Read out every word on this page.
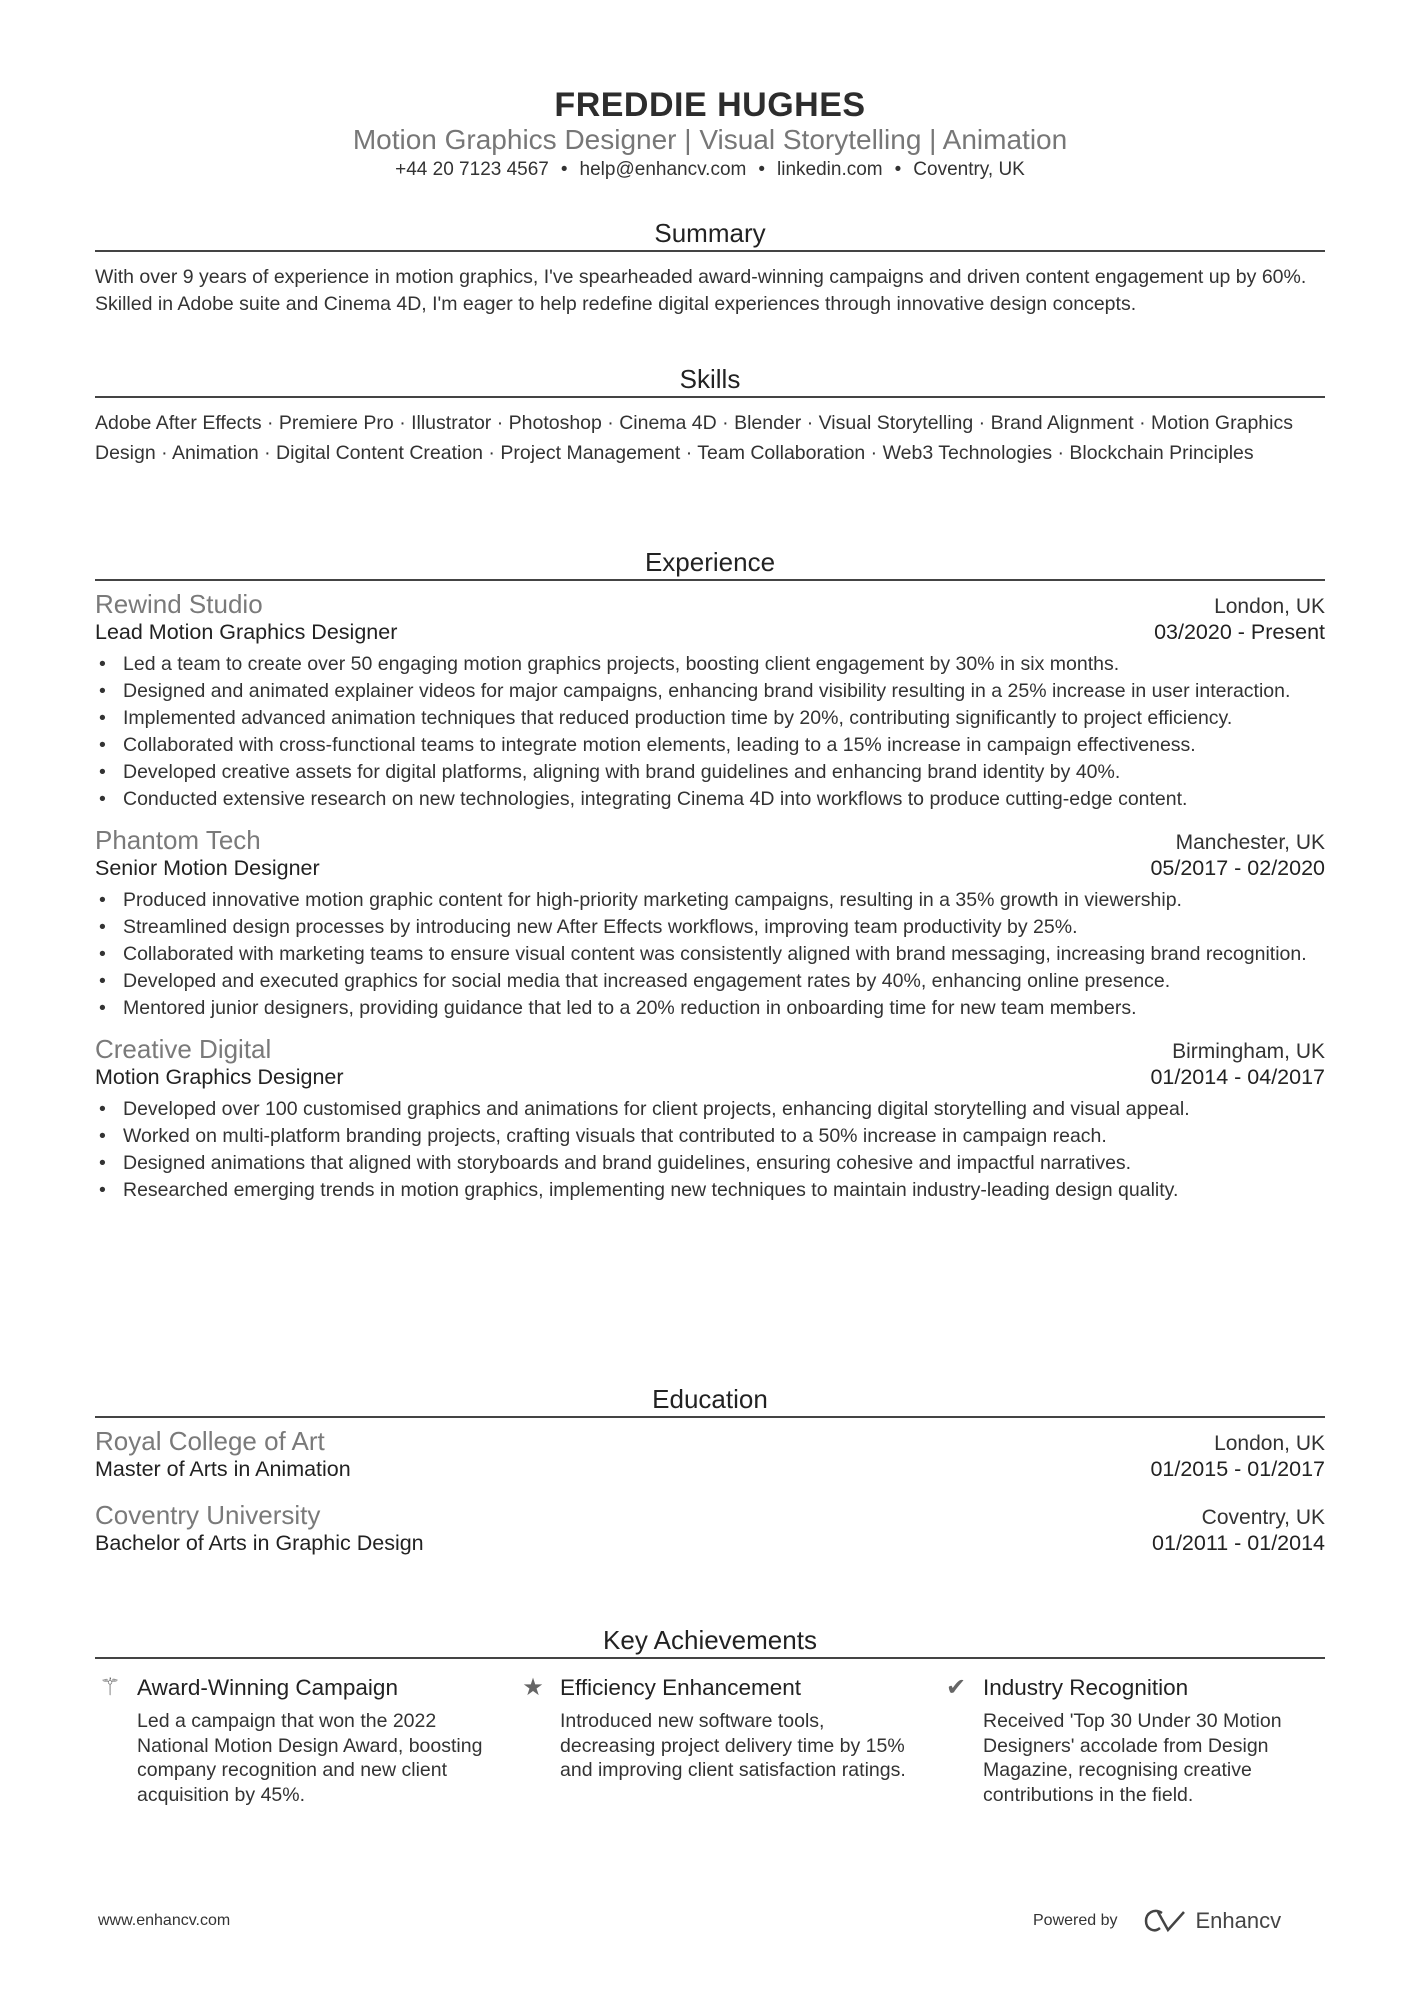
FREDDIE HUGHES
Motion Graphics Designer | Visual Storytelling | Animation
+44 20 7123 4567 • help@enhancv.com • linkedin.com • Coventry, UK
Summary
With over 9 years of experience in motion graphics, I've spearheaded award-winning campaigns and driven content engagement up by 60%. Skilled in Adobe suite and Cinema 4D, I'm eager to help redefine digital experiences through innovative design concepts.
Skills
Adobe After Effects · Premiere Pro · Illustrator · Photoshop · Cinema 4D · Blender · Visual Storytelling · Brand Alignment · Motion Graphics Design · Animation · Digital Content Creation · Project Management · Team Collaboration · Web3 Technologies · Blockchain Principles
Experience
Rewind Studio	London, UK
Lead Motion Graphics Designer	03/2020 - Present
• Led a team to create over 50 engaging motion graphics projects, boosting client engagement by 30% in six months.
• Designed and animated explainer videos for major campaigns, enhancing brand visibility resulting in a 25% increase in user interaction.
• Implemented advanced animation techniques that reduced production time by 20%, contributing significantly to project efficiency.
• Collaborated with cross-functional teams to integrate motion elements, leading to a 15% increase in campaign effectiveness.
• Developed creative assets for digital platforms, aligning with brand guidelines and enhancing brand identity by 40%.
• Conducted extensive research on new technologies, integrating Cinema 4D into workflows to produce cutting-edge content.
Phantom Tech	Manchester, UK
Senior Motion Designer	05/2017 - 02/2020
• Produced innovative motion graphic content for high-priority marketing campaigns, resulting in a 35% growth in viewership.
• Streamlined design processes by introducing new After Effects workflows, improving team productivity by 25%.
• Collaborated with marketing teams to ensure visual content was consistently aligned with brand messaging, increasing brand recognition.
• Developed and executed graphics for social media that increased engagement rates by 40%, enhancing online presence.
• Mentored junior designers, providing guidance that led to a 20% reduction in onboarding time for new team members.
Creative Digital	Birmingham, UK
Motion Graphics Designer	01/2014 - 04/2017
• Developed over 100 customised graphics and animations for client projects, enhancing digital storytelling and visual appeal.
• Worked on multi-platform branding projects, crafting visuals that contributed to a 50% increase in campaign reach.
• Designed animations that aligned with storyboards and brand guidelines, ensuring cohesive and impactful narratives.
• Researched emerging trends in motion graphics, implementing new techniques to maintain industry-leading design quality.
Education
Royal College of Art	London, UK
Master of Arts in Animation	01/2015 - 01/2017
Coventry University	Coventry, UK
Bachelor of Arts in Graphic Design	01/2011 - 01/2014
Key Achievements
⚚ Award-Winning Campaign
Led a campaign that won the 2022 National Motion Design Award, boosting company recognition and new client acquisition by 45%.
★ Efficiency Enhancement
Introduced new software tools, decreasing project delivery time by 15% and improving client satisfaction ratings.
✔ Industry Recognition
Received 'Top 30 Under 30 Motion Designers' accolade from Design Magazine, recognising creative contributions in the field.
www.enhancv.com	Powered by	Enhancv
